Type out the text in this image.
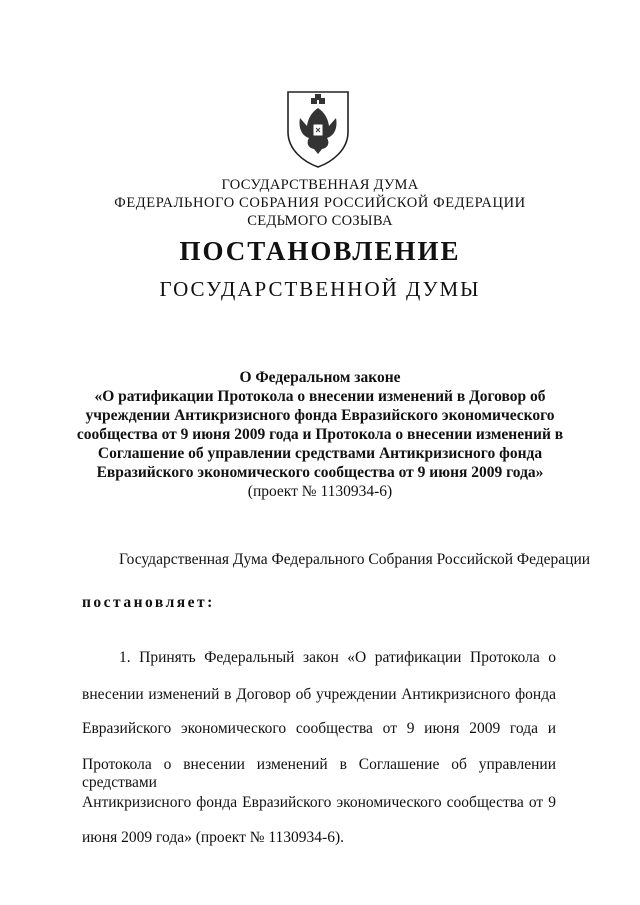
ГОСУДАРСТВЕННАЯ ДУМА
ФЕДЕРАЛЬНОГО СОБРАНИЯ РОССИЙСКОЙ ФЕДЕРАЦИИ
СЕДЬМОГО СОЗЫВА
ПОСТАНОВЛЕНИЕ
ГОСУДАРСТВЕННОЙ ДУМЫ
О Федеральном законе
«О ратификации Протокола о внесении изменений в Договор об
учреждении Антикризисного фонда Евразийского экономического
сообщества от 9 июня 2009 года и Протокола о внесении изменений в
Соглашение об управлении средствами Антикризисного фонда
Евразийского экономического сообщества от 9 июня 2009 года»
(проект № 1130934-6)
Государственная Дума Федерального Собрания Российской Федерации
постановляет:
1. Принять Федеральный закон «О ратификации Протокола о
внесении изменений в Договор об учреждении Антикризисного фонда
Евразийского экономического сообщества от 9 июня 2009 года и
Протокола о внесении изменений в Соглашение об управлении средствами
Антикризисного фонда Евразийского экономического сообщества от 9
июня 2009 года» (проект № 1130934-6).
